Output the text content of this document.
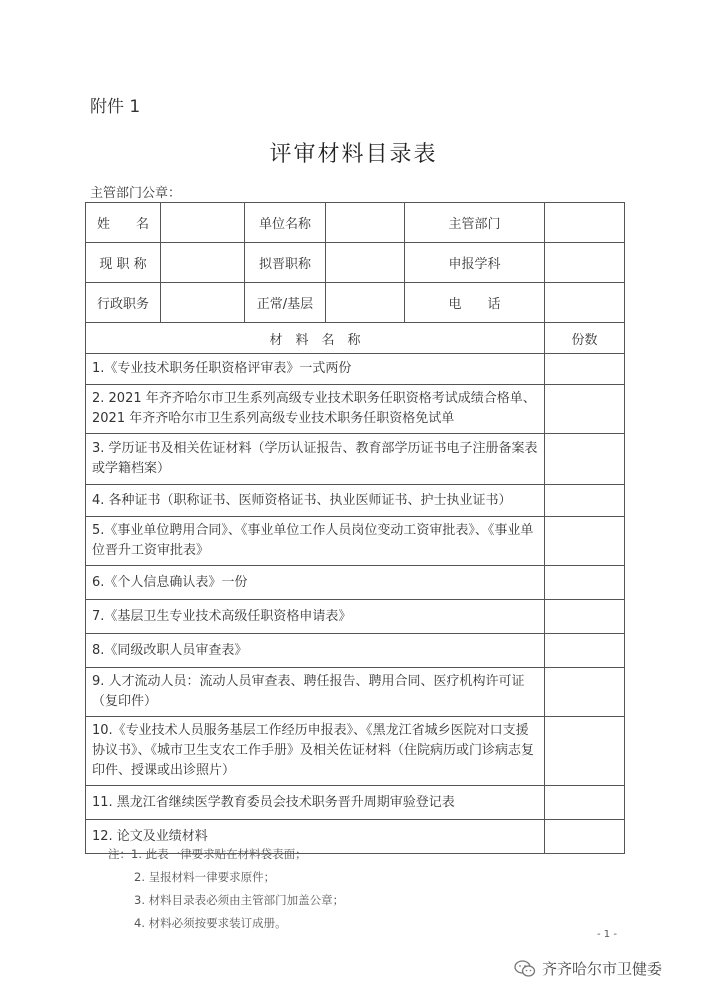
附件 1
评审材料目录表
主管部门公章：
姓　　名		单位名称		主管部门	
现 职 称		拟晋职称		申报学科	
行政职务		正常/基层		电　　话	
材　料　名　称					份数
1.《专业技术职务任职资格评审表》一式两份					
2. 2021 年齐齐哈尔市卫生系列高级专业技术职务任职资格考试成绩合格单、2021 年齐齐哈尔市卫生系列高级专业技术职务任职资格免试单					
3. 学历证书及相关佐证材料（学历认证报告、教育部学历证书电子注册备案表或学籍档案）					
4. 各种证书（职称证书、医师资格证书、执业医师证书、护士执业证书）					
5.《事业单位聘用合同》、《事业单位工作人员岗位变动工资审批表》、《事业单位晋升工资审批表》					
6.《个人信息确认表》一份					
7.《基层卫生专业技术高级任职资格申请表》					
8.《同级改职人员审查表》					
9. 人才流动人员：流动人员审查表、聘任报告、聘用合同、医疗机构许可证（复印件）					
10.《专业技术人员服务基层工作经历申报表》、《黑龙江省城乡医院对口支援协议书》、《城市卫生支农工作手册》及相关佐证材料（住院病历或门诊病志复印件、授课或出诊照片）					
11. 黑龙江省继续医学教育委员会技术职务晋升周期审验登记表					
12. 论文及业绩材料					
注：1. 此表一律要求贴在材料袋表面；
2. 呈报材料一律要求原件；
3. 材料目录表必须由主管部门加盖公章；
4. 材料必须按要求装订成册。
- 1 -
齐齐哈尔市卫健委
